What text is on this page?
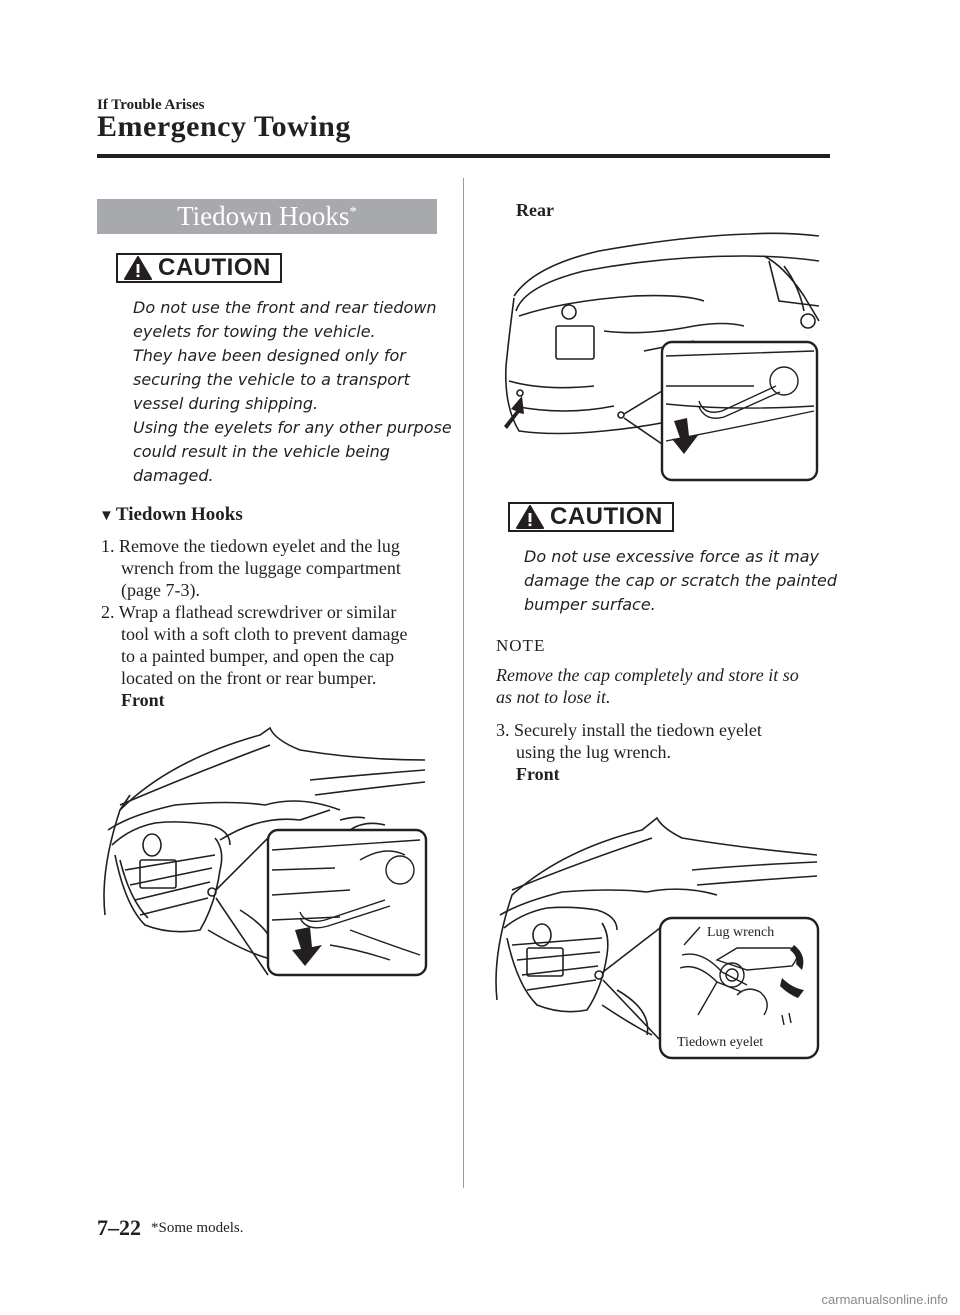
If Trouble Arises
Emergency Towing
Tiedown Hooks*
CAUTION
Do not use the front and rear tiedown
eyelets for towing the vehicle.
They have been designed only for
securing the vehicle to a transport
vessel during shipping.
Using the eyelets for any other purpose
could result in the vehicle being
damaged.
▼ Tiedown Hooks
1. Remove the tiedown eyelet and the lug
wrench from the luggage compartment
(page 7-3).
2. Wrap a flathead screwdriver or similar
tool with a soft cloth to prevent damage
to a painted bumper, and open the cap
located on the front or rear bumper.
Front
Rear
CAUTION
Do not use excessive force as it may
damage the cap or scratch the painted
bumper surface.
NOTE
Remove the cap completely and store it so
as not to lose it.
3. Securely install the tiedown eyelet
using the lug wrench.
Front
Lug wrench
Tiedown eyelet
7–22 *Some models.
carmanualsonline.info
